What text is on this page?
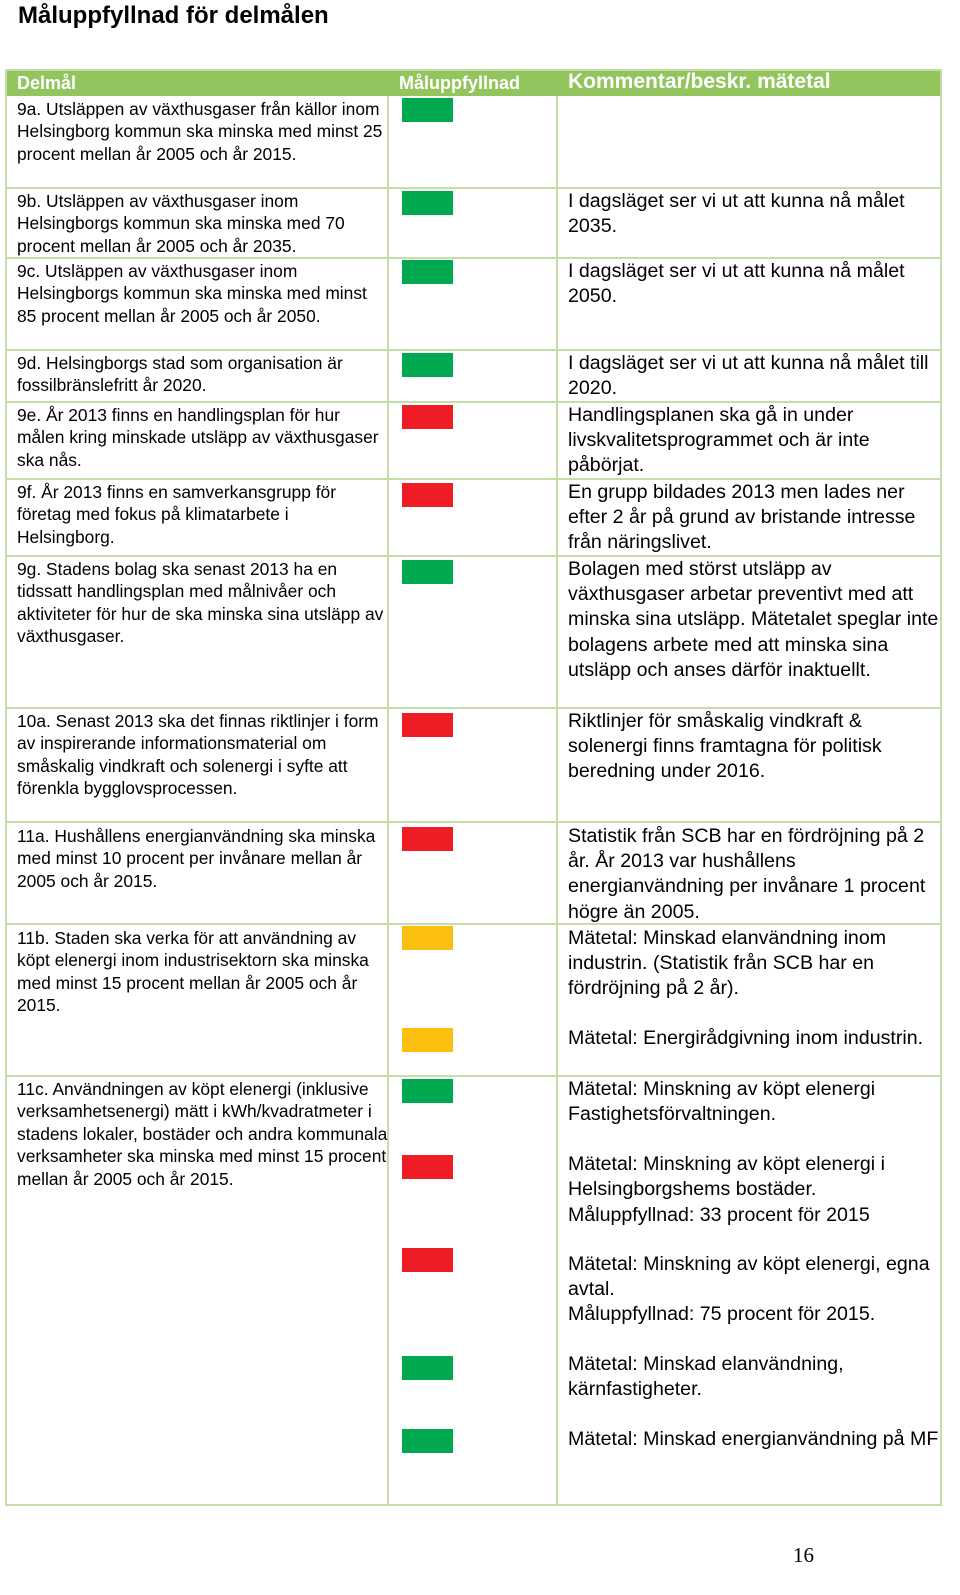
Måluppfyllnad för delmålen
Delmål	Måluppfyllnad Kommentar/beskr. mätetal
9a. Utsläppen av växthusgaser från källor inom Helsingborg kommun ska minska med minst 25 procent mellan år 2005 och år 2015.
9b. Utsläppen av växthusgaser inom Helsingborgs kommun ska minska med 70 procent mellan år 2005 och år 2035.
9c. Utsläppen av växthusgaser inom Helsingborgs kommun ska minska med minst 85 procent mellan år 2005 och år 2050.
9d. Helsingborgs stad som organisation är fossilbränslefritt år 2020.
9e. År 2013 finns en handlingsplan för hur målen kring minskade utsläpp av växthusgaser ska nås.
9f. År 2013 finns en samverkansgrupp för företag med fokus på klimatarbete i Helsingborg.
9g. Stadens bolag ska senast 2013 ha en tidssatt handlingsplan med målnivåer och aktiviteter för hur de ska minska sina utsläpp av växthusgaser.
10a. Senast 2013 ska det finnas riktlinjer i form av inspirerande informationsmaterial om småskalig vindkraft och solenergi i syfte att förenkla bygglovsprocessen.
11a. Hushållens energianvändning ska minska med minst 10 procent per invånare mellan år 2005 och år 2015.
11b. Staden ska verka för att användning av köpt elenergi inom industrisektorn ska minska med minst 15 procent mellan år 2005 och år 2015.
11c. Användningen av köpt elenergi (inklusive verksamhetsenergi) mätt i kWh/kvadratmeter i stadens lokaler, bostäder och andra kommunala verksamheter ska minska med minst 15 procent mellan år 2005 och år 2015.
I dagsläget ser vi ut att kunna nå målet 2035.
I dagsläget ser vi ut att kunna nå målet 2050.
I dagsläget ser vi ut att kunna nå målet till 2020.
Handlingsplanen ska gå in under livskvalitetsprogrammet och är inte påbörjat.
En grupp bildades 2013 men lades ner efter 2 år på grund av bristande intresse från näringslivet.
Bolagen med störst utsläpp av växthusgaser arbetar preventivt med att minska sina utsläpp. Mätetalet speglar inte bolagens arbete med att minska sina utsläpp och anses därför inaktuellt.
Riktlinjer för småskalig vindkraft & solenergi finns framtagna för politisk beredning under 2016.
Statistik från SCB har en fördröjning på 2 år. År 2013 var hushållens energianvändning per invånare 1 procent högre än 2005.
Mätetal: Minskad elanvändning inom industrin. (Statistik från SCB har en fördröjning på 2 år).
Mätetal: Energirådgivning inom industrin.
Mätetal: Minskning av köpt elenergi Fastighetsförvaltningen.
Mätetal: Minskning av köpt elenergi i Helsingborgshems bostäder.
Måluppfyllnad: 33 procent för 2015
Mätetal: Minskning av köpt elenergi, egna avtal.
Måluppfyllnad: 75 procent för 2015.
Mätetal: Minskad elanvändning, kärnfastigheter.
Mätetal: Minskad energianvändning på MF
16
